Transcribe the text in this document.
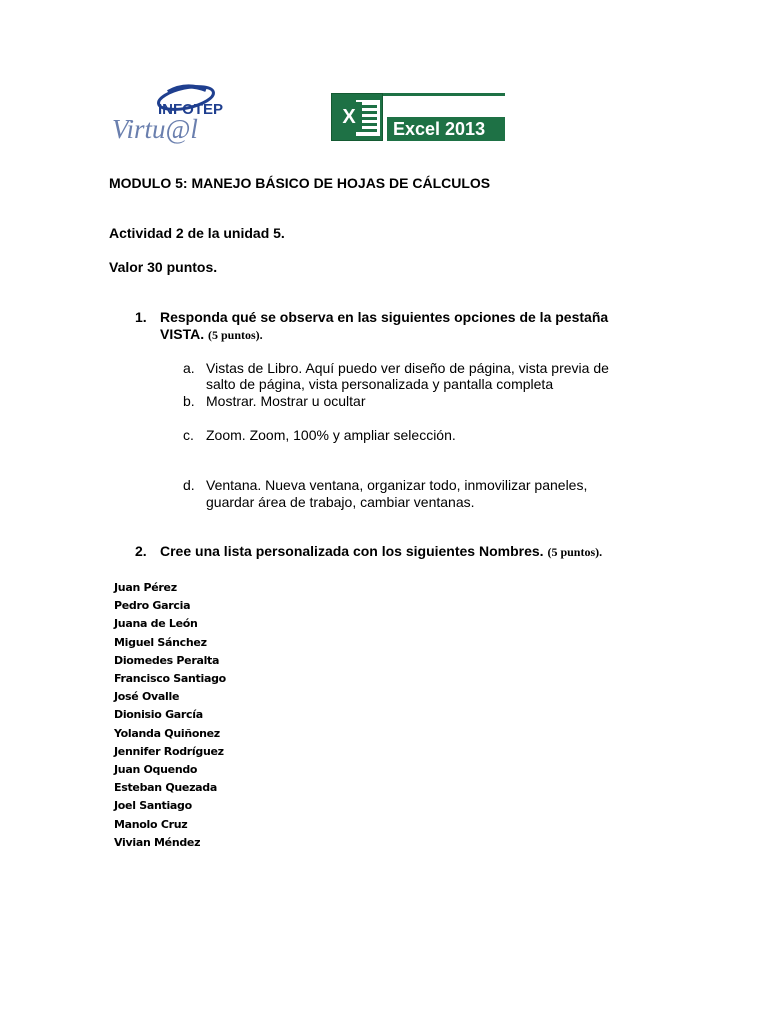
INFOTEP
Virtu@l	X
Excel 2013
MODULO 5: MANEJO BÁSICO DE HOJAS DE CÁLCULOS
Actividad 2 de la unidad 5.
Valor 30 puntos.
1. Responda qué se observa en las siguientes opciones de la pestaña
VISTA. (5 puntos).
a. Vistas de Libro. Aquí puedo ver diseño de página, vista previa de
salto de página, vista personalizada y pantalla completa
b. Mostrar. Mostrar u ocultar
c. Zoom. Zoom, 100% y ampliar selección.
d. Ventana. Nueva ventana, organizar todo, inmovilizar paneles,
guardar área de trabajo, cambiar ventanas.
2. Cree una lista personalizada con los siguientes Nombres. (5 puntos).
Juan Pérez
Pedro Garcia
Juana de León
Miguel Sánchez
Diomedes Peralta
Francisco Santiago
José Ovalle
Dionisio García
Yolanda Quiñonez
Jennifer Rodríguez
Juan Oquendo
Esteban Quezada
Joel Santiago
Manolo Cruz
Vivian Méndez
